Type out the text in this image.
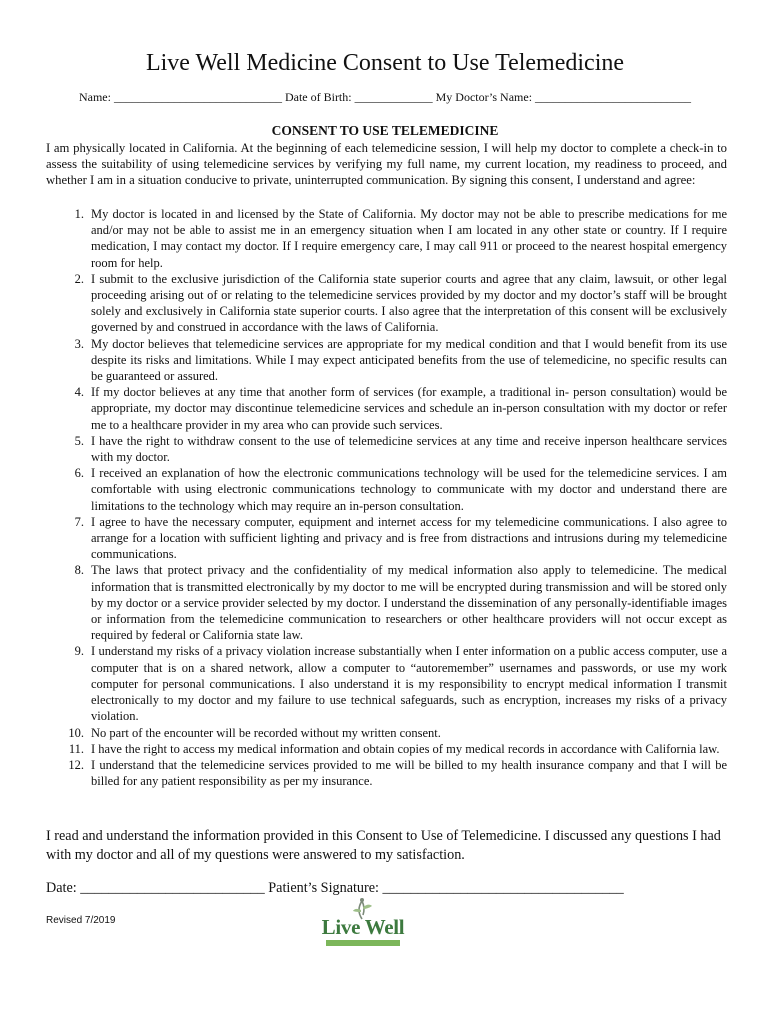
Live Well Medicine Consent to Use Telemedicine
Name: ____________________________ Date of Birth: _____________ My Doctor’s Name: __________________________
CONSENT TO USE TELEMEDICINE
I am physically located in California. At the beginning of each telemedicine session, I will help my doctor to complete a check-in to assess the suitability of using telemedicine services by verifying my full name, my current location, my readiness to proceed, and whether I am in a situation conducive to private, uninterrupted communication. By signing this consent, I understand and agree:
1. My doctor is located in and licensed by the State of California. My doctor may not be able to prescribe medications for me and/or may not be able to assist me in an emergency situation when I am located in any other state or country. If I require medication, I may contact my doctor. If I require emergency care, I may call 911 or proceed to the nearest hospital emergency room for help.
2. I submit to the exclusive jurisdiction of the California state superior courts and agree that any claim, lawsuit, or other legal proceeding arising out of or relating to the telemedicine services provided by my doctor and my doctor’s staff will be brought solely and exclusively in California state superior courts. I also agree that the interpretation of this consent will be exclusively governed by and construed in accordance with the laws of California.
3. My doctor believes that telemedicine services are appropriate for my medical condition and that I would benefit from its use despite its risks and limitations. While I may expect anticipated benefits from the use of telemedicine, no specific results can be guaranteed or assured.
4. If my doctor believes at any time that another form of services (for example, a traditional in- person consultation) would be appropriate, my doctor may discontinue telemedicine services and schedule an in-person consultation with my doctor or refer me to a healthcare provider in my area who can provide such services.
5. I have the right to withdraw consent to the use of telemedicine services at any time and receive inperson healthcare services with my doctor.
6. I received an explanation of how the electronic communications technology will be used for the telemedicine services. I am comfortable with using electronic communications technology to communicate with my doctor and understand there are limitations to the technology which may require an in-person consultation.
7. I agree to have the necessary computer, equipment and internet access for my telemedicine communications. I also agree to arrange for a location with sufficient lighting and privacy and is free from distractions and intrusions during my telemedicine communications.
8. The laws that protect privacy and the confidentiality of my medical information also apply to telemedicine. The medical information that is transmitted electronically by my doctor to me will be encrypted during transmission and will be stored only by my doctor or a service provider selected by my doctor. I understand the dissemination of any personally-identifiable images or information from the telemedicine communication to researchers or other healthcare providers will not occur except as required by federal or California state law.
9. I understand my risks of a privacy violation increase substantially when I enter information on a public access computer, use a computer that is on a shared network, allow a computer to “autoremember” usernames and passwords, or use my work computer for personal communications. I also understand it is my responsibility to encrypt medical information I transmit electronically to my doctor and my failure to use technical safeguards, such as encryption, increases my risks of a privacy violation.
10. No part of the encounter will be recorded without my written consent.
11. I have the right to access my medical information and obtain copies of my medical records in accordance with California law.
12. I understand that the telemedicine services provided to me will be billed to my health insurance company and that I will be billed for any patient responsibility as per my insurance.
I read and understand the information provided in this Consent to Use of Telemedicine. I discussed any questions I had with my doctor and all of my questions were answered to my satisfaction.
Date: __________________________ Patient’s Signature: __________________________________
Revised 7/2019	Live Well
